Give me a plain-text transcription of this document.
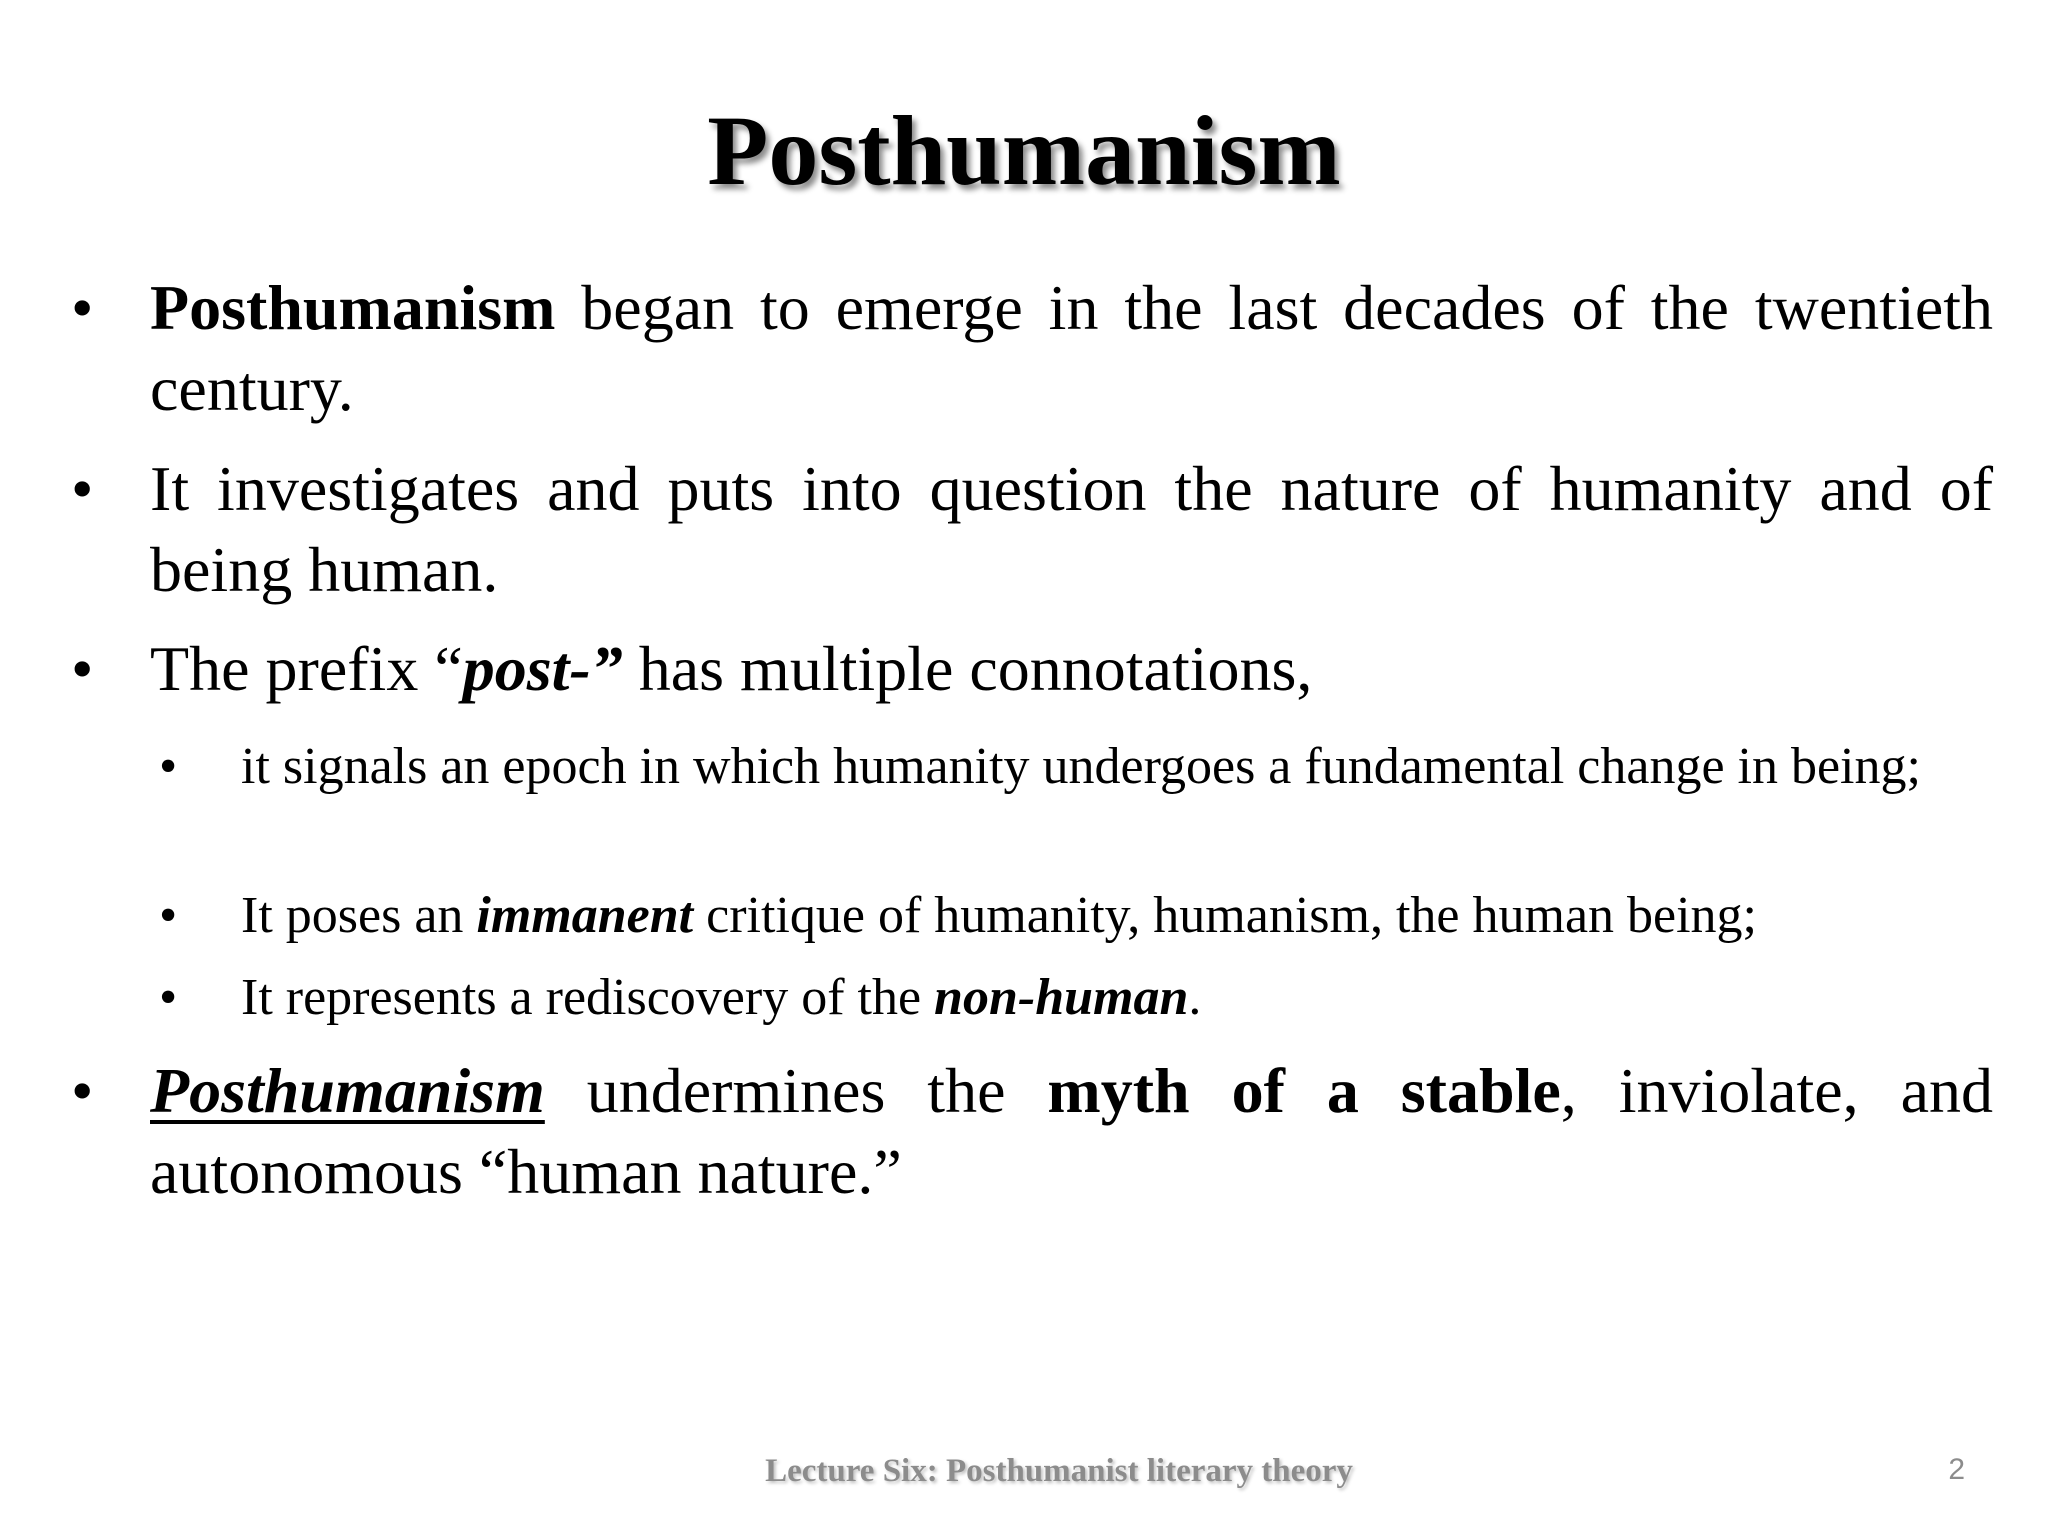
Posthumanism
• Posthumanism began to emerge in the last decades of the twentieth century.
• It investigates and puts into question the nature of humanity and of being human.
• The prefix “post-” has multiple connotations,
• it signals an epoch in which humanity undergoes a fundamental change in being;
• It poses an immanent critique of humanity, humanism, the human being;
• It represents a rediscovery of the non-human.
• Posthumanism undermines the myth of a stable, inviolate, and autonomous “human nature.”
Lecture Six: Posthumanist literary theory	2
